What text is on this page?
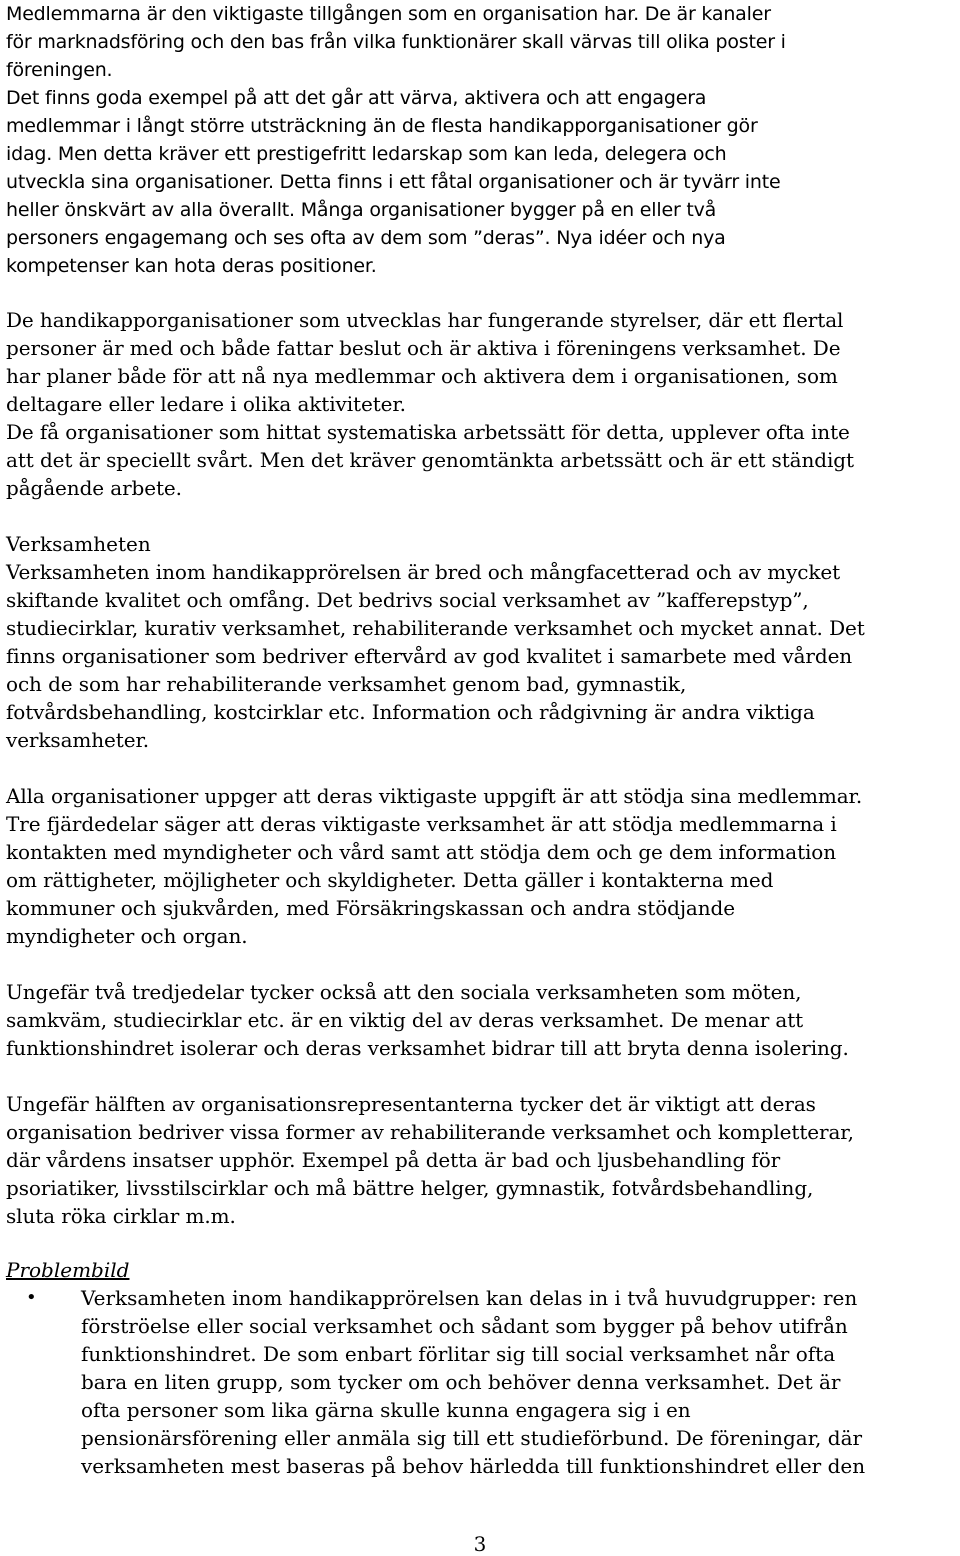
Medlemmarna är den viktigaste tillgången som en organisation har. De är kanaler
för marknadsföring och den bas från vilka funktionärer skall värvas till olika poster i
föreningen.
Det finns goda exempel på att det går att värva, aktivera och att engagera
medlemmar i långt större utsträckning än de flesta handikapporganisationer gör
idag. Men detta kräver ett prestigefritt ledarskap som kan leda, delegera och
utveckla sina organisationer. Detta finns i ett fåtal organisationer och är tyvärr inte
heller önskvärt av alla överallt. Många organisationer bygger på en eller två
personers engagemang och ses ofta av dem som ”deras”. Nya idéer och nya
kompetenser kan hota deras positioner.

De handikapporganisationer som utvecklas har fungerande styrelser, där ett flertal
personer är med och både fattar beslut och är aktiva i föreningens verksamhet. De
har planer både för att nå nya medlemmar och aktivera dem i organisationen, som
deltagare eller ledare i olika aktiviteter.
De få organisationer som hittat systematiska arbetssätt för detta, upplever ofta inte
att det är speciellt svårt. Men det kräver genomtänkta arbetssätt och är ett ständigt
pågående arbete.

Verksamheten

Verksamheten inom handikapprörelsen är bred och mångfacetterad och av mycket
skiftande kvalitet och omfång. Det bedrivs social verksamhet av ”kafferepstyp”,
studiecirklar, kurativ verksamhet, rehabiliterande verksamhet och mycket annat. Det
finns organisationer som bedriver eftervård av god kvalitet i samarbete med vården
och de som har rehabiliterande verksamhet genom bad, gymnastik,
fotvårdsbehandling, kostcirklar etc. Information och rådgivning är andra viktiga
verksamheter.

Alla organisationer uppger att deras viktigaste uppgift är att stödja sina medlemmar.
Tre fjärdedelar säger att deras viktigaste verksamhet är att stödja medlemmarna i
kontakten med myndigheter och vård samt att stödja dem och ge dem information
om rättigheter, möjligheter och skyldigheter. Detta gäller i kontakterna med
kommuner och sjukvården, med Försäkringskassan och andra stödjande
myndigheter och organ.

Ungefär två tredjedelar tycker också att den sociala verksamheten som möten,
samkväm, studiecirklar etc. är en viktig del av deras verksamhet. De menar att
funktionshindret isolerar och deras verksamhet bidrar till att bryta denna isolering.

Ungefär hälften av organisationsrepresentanterna tycker det är viktigt att deras
organisation bedriver vissa former av rehabiliterande verksamhet och kompletterar,
där vårdens insatser upphör. Exempel på detta är bad och ljusbehandling för
psoriatiker, livsstilscirklar och må bättre helger, gymnastik, fotvårdsbehandling,
sluta röka cirklar m.m.

Problembild
• Verksamheten inom handikapprörelsen kan delas in i två huvudgrupper: ren
förströelse eller social verksamhet och sådant som bygger på behov utifrån
funktionshindret. De som enbart förlitar sig till social verksamhet når ofta
bara en liten grupp, som tycker om och behöver denna verksamhet. Det är
ofta personer som lika gärna skulle kunna engagera sig i en
pensionärsförening eller anmäla sig till ett studieförbund. De föreningar, där
verksamheten mest baseras på behov härledda till funktionshindret eller den
3
